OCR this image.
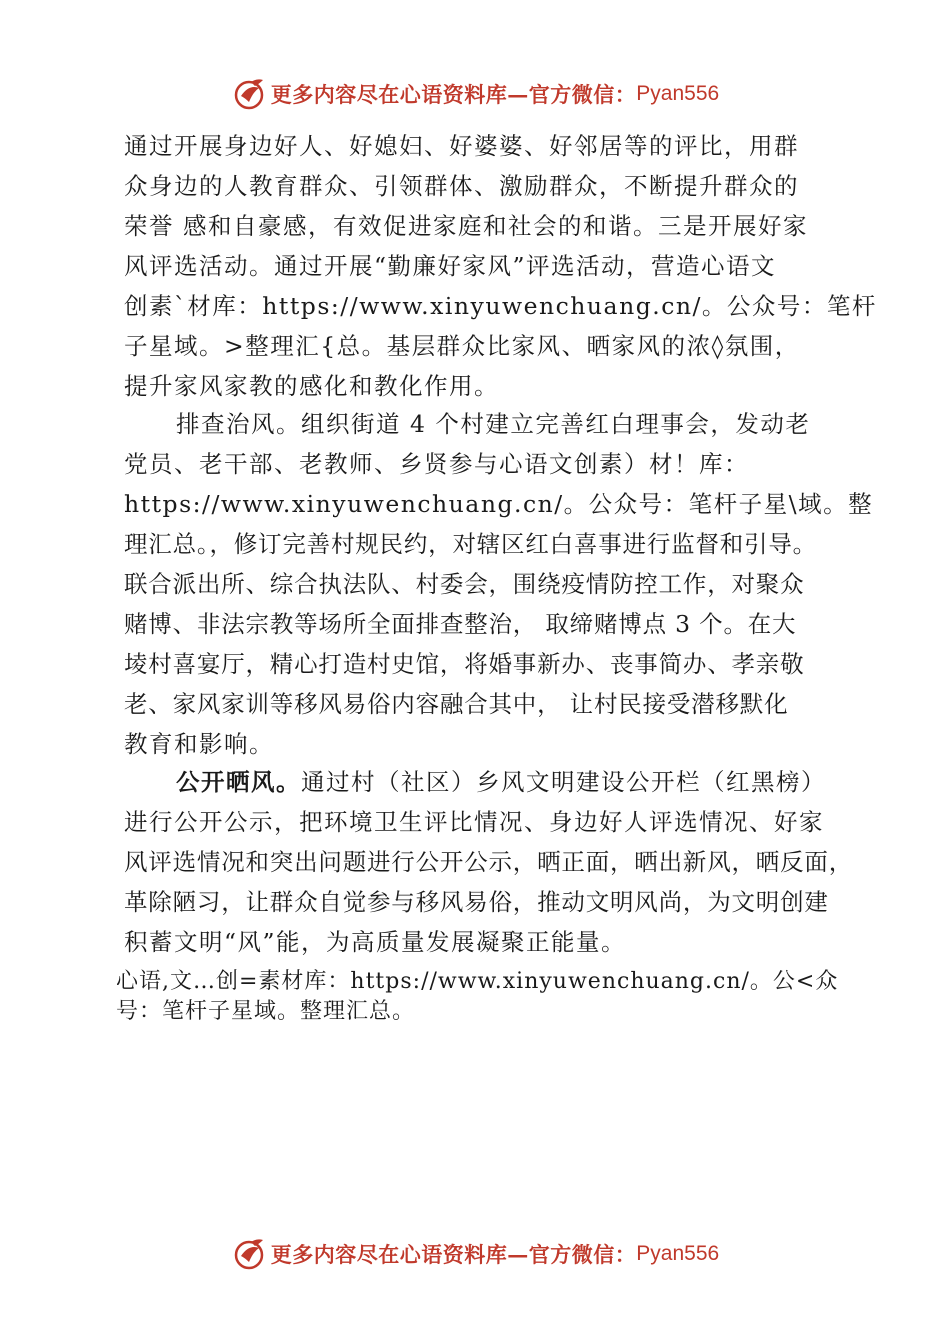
更多内容尽在心语资料库—官方微信： Pyan556
通过开展身边好人、好媳妇、好婆婆、好邻居等的评比，用群
众身边的人教育群众、引领群体、激励群众，不断提升群众的
荣誉 感和自豪感，有效促进家庭和社会的和谐。三是开展好家
风评选活动。通过开展“勤廉好家风”评选活动，营造心语文
创素`材库：https://www.xinyuwenchuang.cn/。公众号：笔杆
子星域。>整理汇{总。基层群众比家风、晒家风的浓◊氛围，
提升家风家教的感化和教化作用。
排查治风。组织街道 4 个村建立完善红白理事会，发动老
党员、老干部、老教师、乡贤参与心语文创素）材！库：
https://www.xinyuwenchuang.cn/。公众号：笔杆子星\域。整
理汇总。，修订完善村规民约，对辖区红白喜事进行监督和引导。
联合派出所、综合执法队、村委会，围绕疫情防控工作，对聚众
赌博、非法宗教等场所全面排查整治， 取缔赌博点 3 个。在大
堎村喜宴厅，精心打造村史馆，将婚事新办、丧事简办、孝亲敬
老、家风家训等移风易俗内容融合其中， 让村民接受潜移默化
教育和影响。
公开晒风。通过村（社区）乡风文明建设公开栏（红黑榜）
进行公开公示，把环境卫生评比情况、身边好人评选情况、好家
风评选情况和突出问题进行公开公示，晒正面，晒出新风，晒反面，
革除陋习，让群众自觉参与移风易俗，推动文明风尚，为文明创建
积蓄文明“风”能，为高质量发展凝聚正能量。
心语,文…创=素材库：https://www.xinyuwenchuang.cn/。公<众
号：笔杆子星域。整理汇总。
更多内容尽在心语资料库—官方微信： Pyan556
